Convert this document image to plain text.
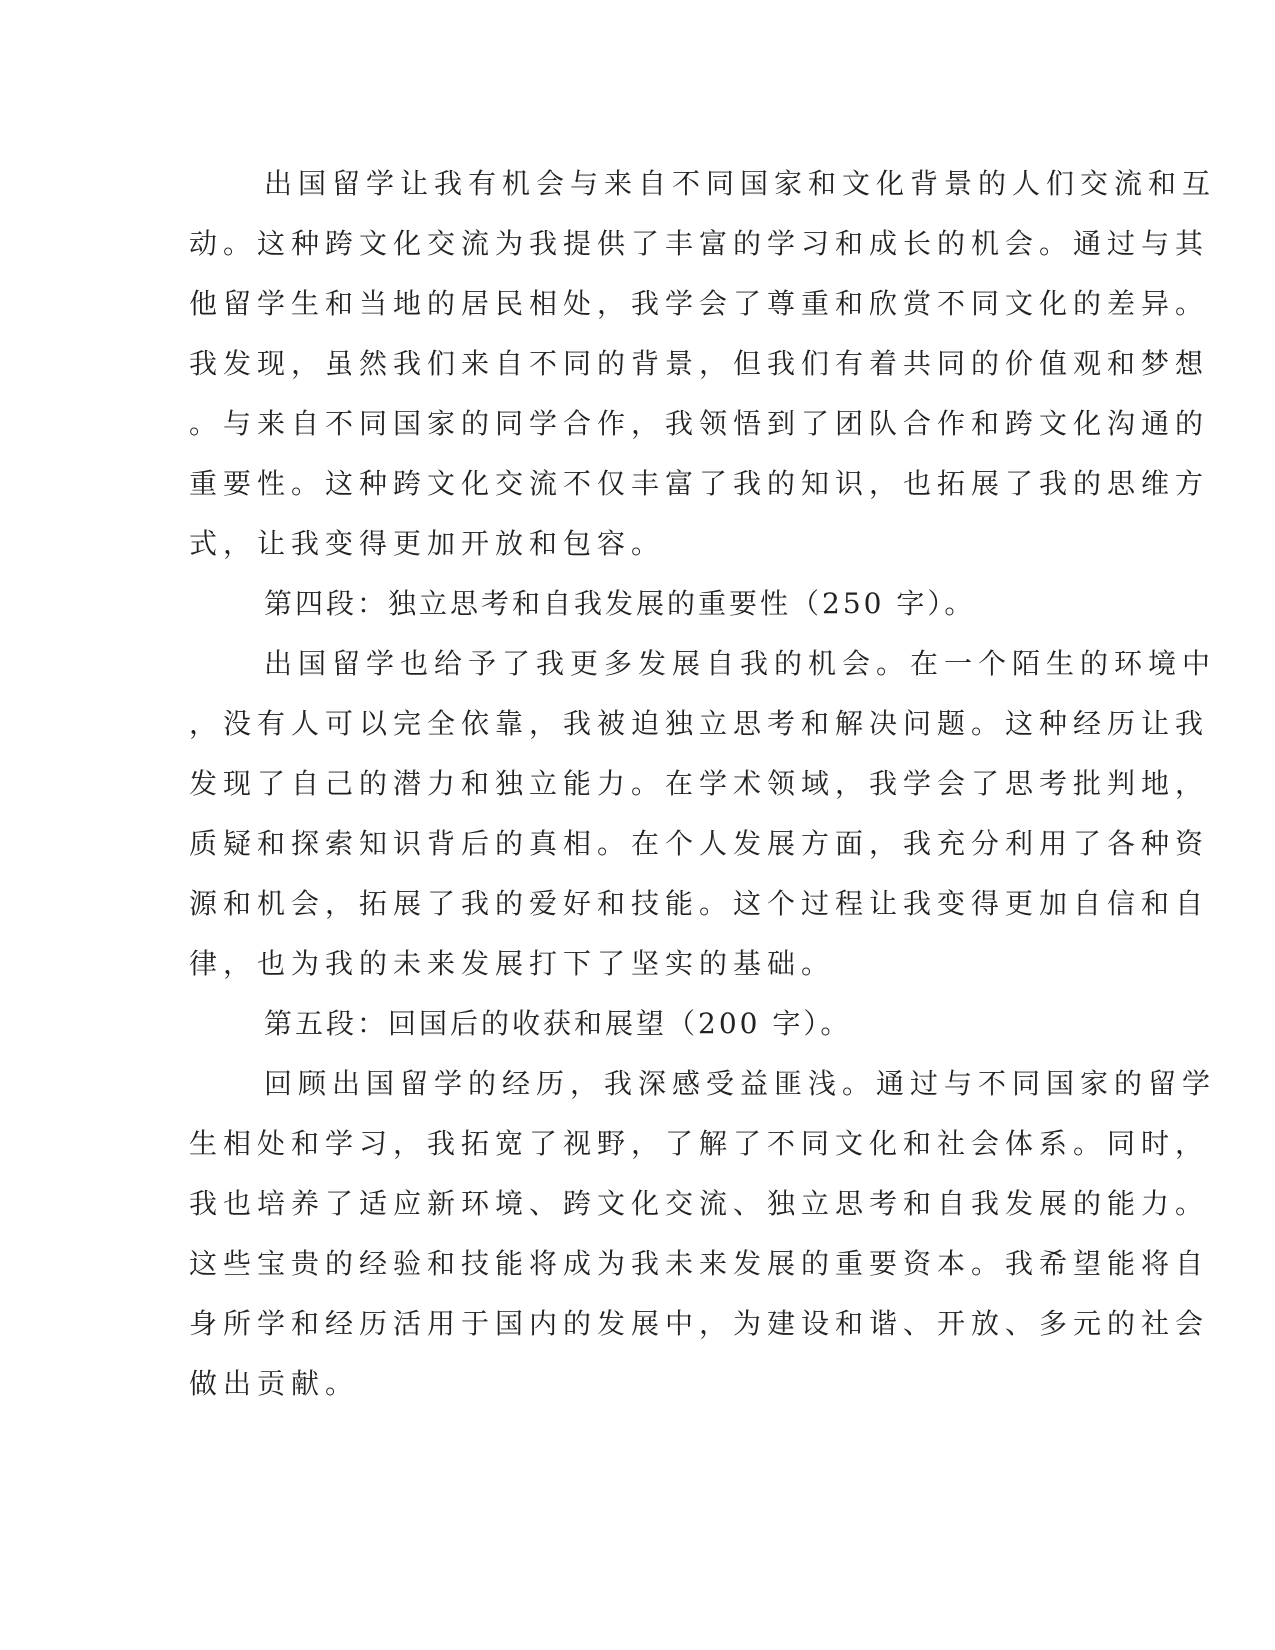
出国留学让我有机会与来自不同国家和文化背景的人们交流和互
动。这种跨文化交流为我提供了丰富的学习和成长的机会。通过与其
他留学生和当地的居民相处，我学会了尊重和欣赏不同文化的差异。
我发现，虽然我们来自不同的背景，但我们有着共同的价值观和梦想
。与来自不同国家的同学合作，我领悟到了团队合作和跨文化沟通的
重要性。这种跨文化交流不仅丰富了我的知识，也拓展了我的思维方
式，让我变得更加开放和包容。
第四段：独立思考和自我发展的重要性（250 字）。
出国留学也给予了我更多发展自我的机会。在一个陌生的环境中
，没有人可以完全依靠，我被迫独立思考和解决问题。这种经历让我
发现了自己的潜力和独立能力。在学术领域，我学会了思考批判地，
质疑和探索知识背后的真相。在个人发展方面，我充分利用了各种资
源和机会，拓展了我的爱好和技能。这个过程让我变得更加自信和自
律，也为我的未来发展打下了坚实的基础。
第五段：回国后的收获和展望（200 字）。
回顾出国留学的经历，我深感受益匪浅。通过与不同国家的留学
生相处和学习，我拓宽了视野，了解了不同文化和社会体系。同时，
我也培养了适应新环境、跨文化交流、独立思考和自我发展的能力。
这些宝贵的经验和技能将成为我未来发展的重要资本。我希望能将自
身所学和经历活用于国内的发展中，为建设和谐、开放、多元的社会
做出贡献。
